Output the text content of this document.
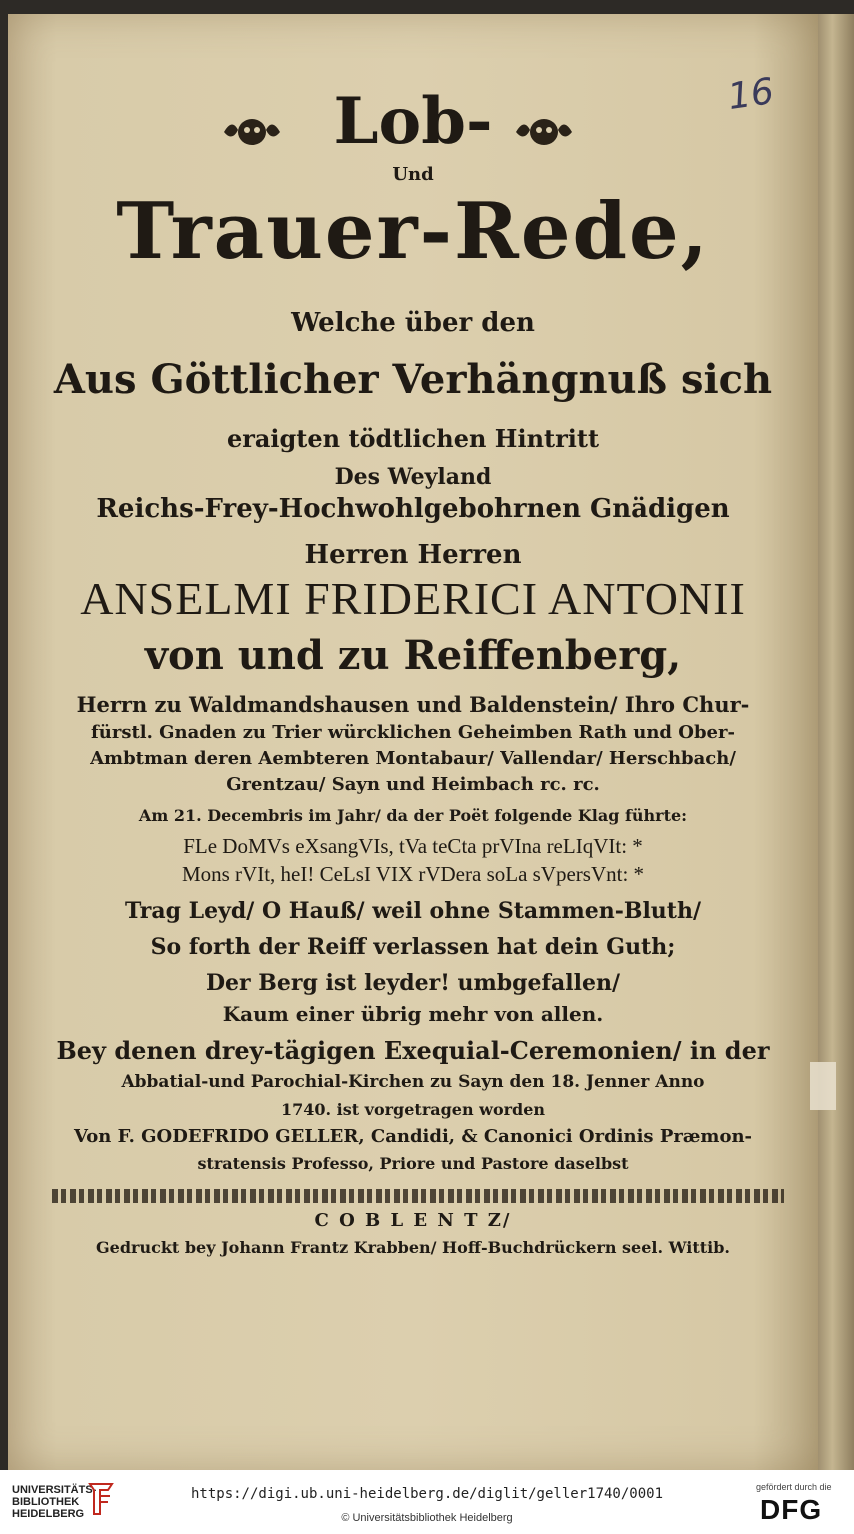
16
Lob-
Und
Trauer-Rede,
Welche über den
Aus Göttlicher Verhängnuß sich
eraigten tödtlichen Hintritt
Des Weyland
Reichs-Frey-Hochwohlgebohrnen Gnädigen
Herren Herren
ANSELMI FRIDERICI ANTONII
von und zu Reiffenberg,
Herrn zu Waldmandshausen und Baldenstein/ Ihro Chur-
fürstl. Gnaden zu Trier würcklichen Geheimben Rath und Ober-
Ambtman deren Aembteren Montabaur/ Vallendar/ Herschbach/
Grentzau/ Sayn und Heimbach rc. rc.
Am 21. Decembris im Jahr/ da der Poët folgende Klag führte:
FLe DoMVs eXsangVIs, tVa teCta prVIna reLIqVIt: *
Mons rVIt, heI! CeLsI VIX rVDera soLa sVpersVnt: *
Trag Leyd/ O Hauß/ weil ohne Stammen-Bluth/
So forth der Reiff verlassen hat dein Guth;
Der Berg ist leyder! umbgefallen/
Kaum einer übrig mehr von allen.
Bey denen drey-tägigen Exequial-Ceremonien/ in der
Abbatial-und Parochial-Kirchen zu Sayn den 18. Jenner Anno
1740. ist vorgetragen worden
Von F. GODEFRIDO GELLER, Candidi, & Canonici Ordinis Præmon-
stratensis Professo, Priore und Pastore daselbst
C O B L E N T Z/
Gedruckt bey Johann Frantz Krabben/ Hoff-Buchdrückern seel. Wittib.
UNIVERSITÄTS-
BIBLIOTHEK
HEIDELBERG
https://digi.ub.uni-heidelberg.de/diglit/geller1740/0001
© Universitätsbibliothek Heidelberg
gefördert durch die
DFG
